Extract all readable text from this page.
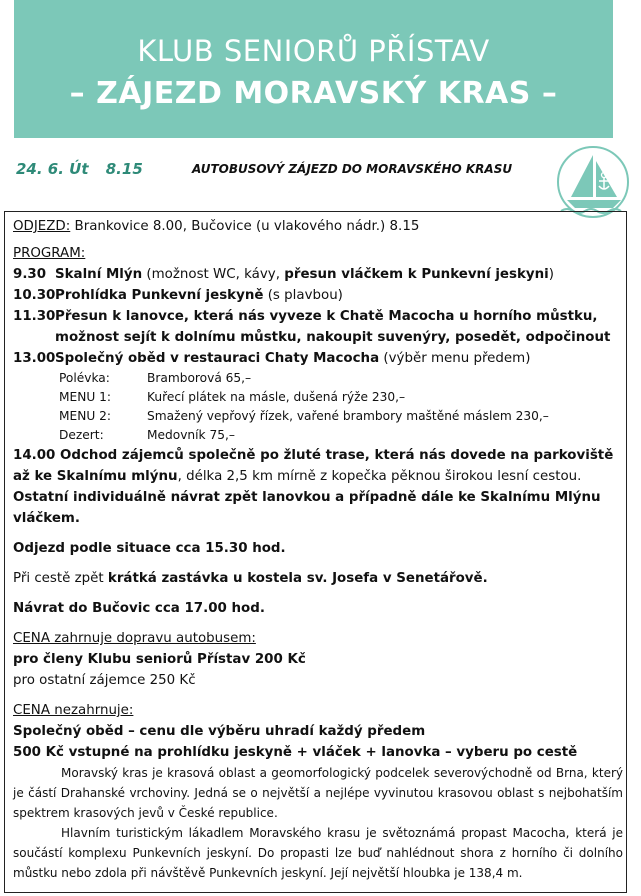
KLUB SENIORŮ PŘÍSTAV
– ZÁJEZD MORAVSKÝ KRAS –
24. 6. Út 8.15	AUTOBUSOVÝ ZÁJEZD DO MORAVSKÉHO KRASU
ODJEZD: Brankovice 8.00, Bučovice (u vlakového nádr.) 8.15
PROGRAM:
9.30 Skalní Mlýn (možnost WC, kávy, přesun vláčkem k Punkevní jeskyni)
10.30 Prohlídka Punkevní jeskyně (s plavbou)
11.30 Přesun k lanovce, která nás vyveze k Chatě Macocha u horního můstku,
možnost sejít k dolnímu můstku, nakoupit suvenýry, posedět, odpočinout
13.00 Společný oběd v restauraci Chaty Macocha (výběr menu předem)
Polévka:	Bramborová 65,–
MENU 1:	Kuřecí plátek na másle, dušená rýže 230,–
MENU 2:	Smažený vepřový řízek, vařené brambory maštěné máslem 230,–
Dezert:	Medovník 75,–
14.00 Odchod zájemců společně po žluté trase, která nás dovede na parkoviště
až ke Skalnímu mlýnu, délka 2,5 km mírně z kopečka pěknou širokou lesní cestou.
Ostatní individuálně návrat zpět lanovkou a případně dále ke Skalnímu Mlýnu
vláčkem.
Odjezd podle situace cca 15.30 hod.
Při cestě zpět krátká zastávka u kostela sv. Josefa v Senetářově.
Návrat do Bučovic cca 17.00 hod.
CENA zahrnuje dopravu autobusem:
pro členy Klubu seniorů Přístav 200 Kč
pro ostatní zájemce 250 Kč
CENA nezahrnuje:
Společný oběd – cenu dle výběru uhradí každý předem
500 Kč vstupné na prohlídku jeskyně + vláček + lanovka – vyberu po cestě
Moravský kras je krasová oblast a geomorfologický podcelek severovýchodně od Brna, který je částí Drahanské vrchoviny. Jedná se o největší a nejlépe vyvinutou krasovou oblast s nejbohatším spektrem krasových jevů v České republice.
Hlavním turistickým lákadlem Moravského krasu je světoznámá propast Macocha, která je součástí komplexu Punkevních jeskyní. Do propasti lze buď nahlédnout shora z horního či dolního můstku nebo zdola při návštěvě Punkevních jeskyní. Její největší hloubka je 138,4 m.
